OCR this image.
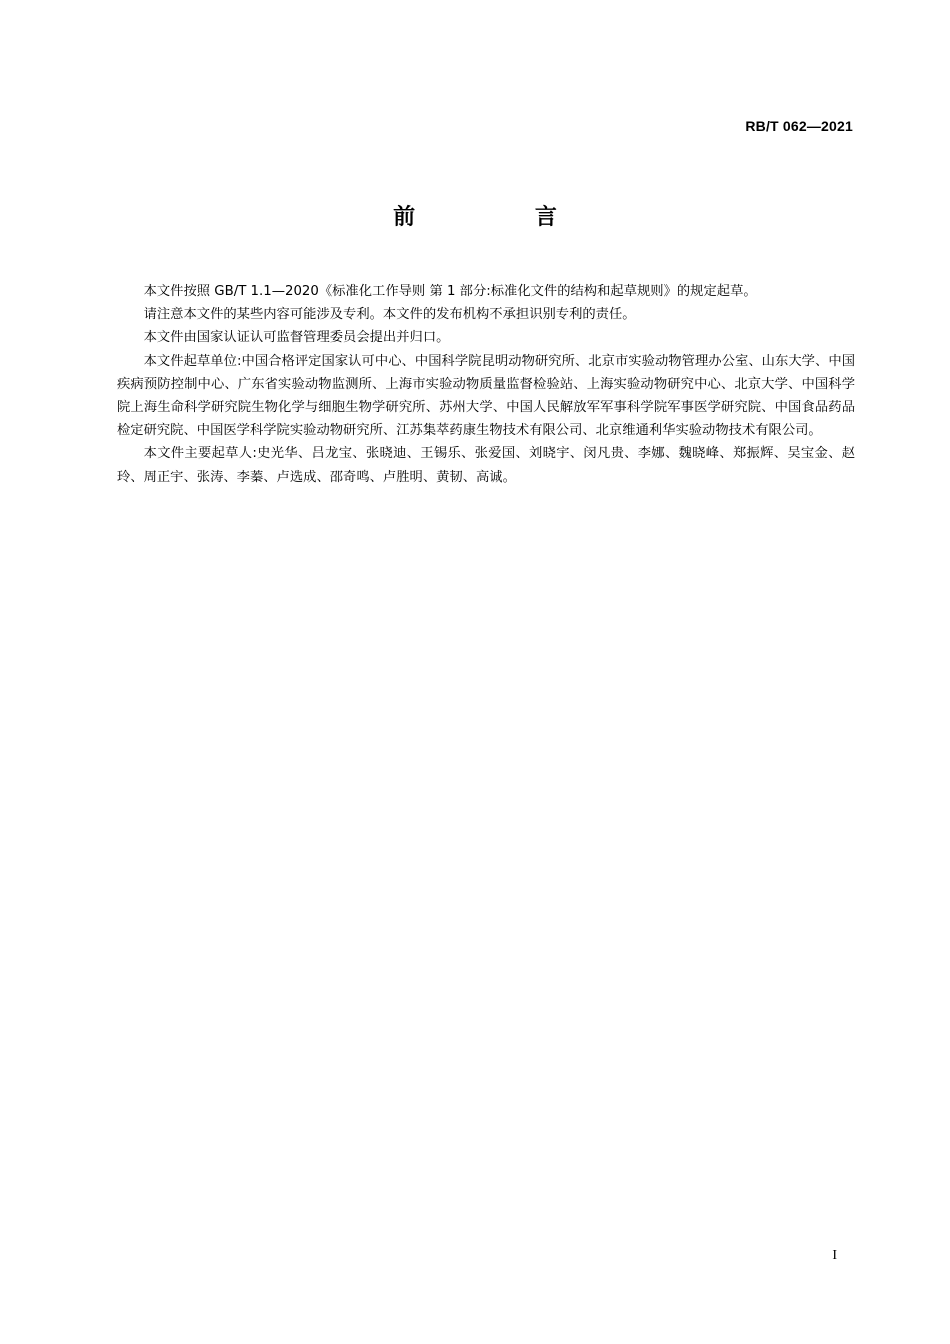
RB/T 062—2021
前 言

本文件按照 GB/T 1.1—2020《标准化工作导则 第 1 部分:标准化文件的结构和起草规则》的规定起草。

请注意本文件的某些内容可能涉及专利。本文件的发布机构不承担识别专利的责任。

本文件由国家认证认可监督管理委员会提出并归口。

本文件起草单位:中国合格评定国家认可中心、中国科学院昆明动物研究所、北京市实验动物管理办公室、山东大学、中国疾病预防控制中心、广东省实验动物监测所、上海市实验动物质量监督检验站、上海实验动物研究中心、北京大学、中国科学院上海生命科学研究院生物化学与细胞生物学研究所、苏州大学、中国人民解放军军事科学院军事医学研究院、中国食品药品检定研究院、中国医学科学院实验动物研究所、江苏集萃药康生物技术有限公司、北京维通利华实验动物技术有限公司。

本文件主要起草人:史光华、吕龙宝、张晓迪、王锡乐、张爱国、刘晓宇、闵凡贵、李娜、魏晓峰、郑振辉、吴宝金、赵玲、周正宇、张涛、李蓁、卢选成、邵奇鸣、卢胜明、黄韧、高诚。

I
